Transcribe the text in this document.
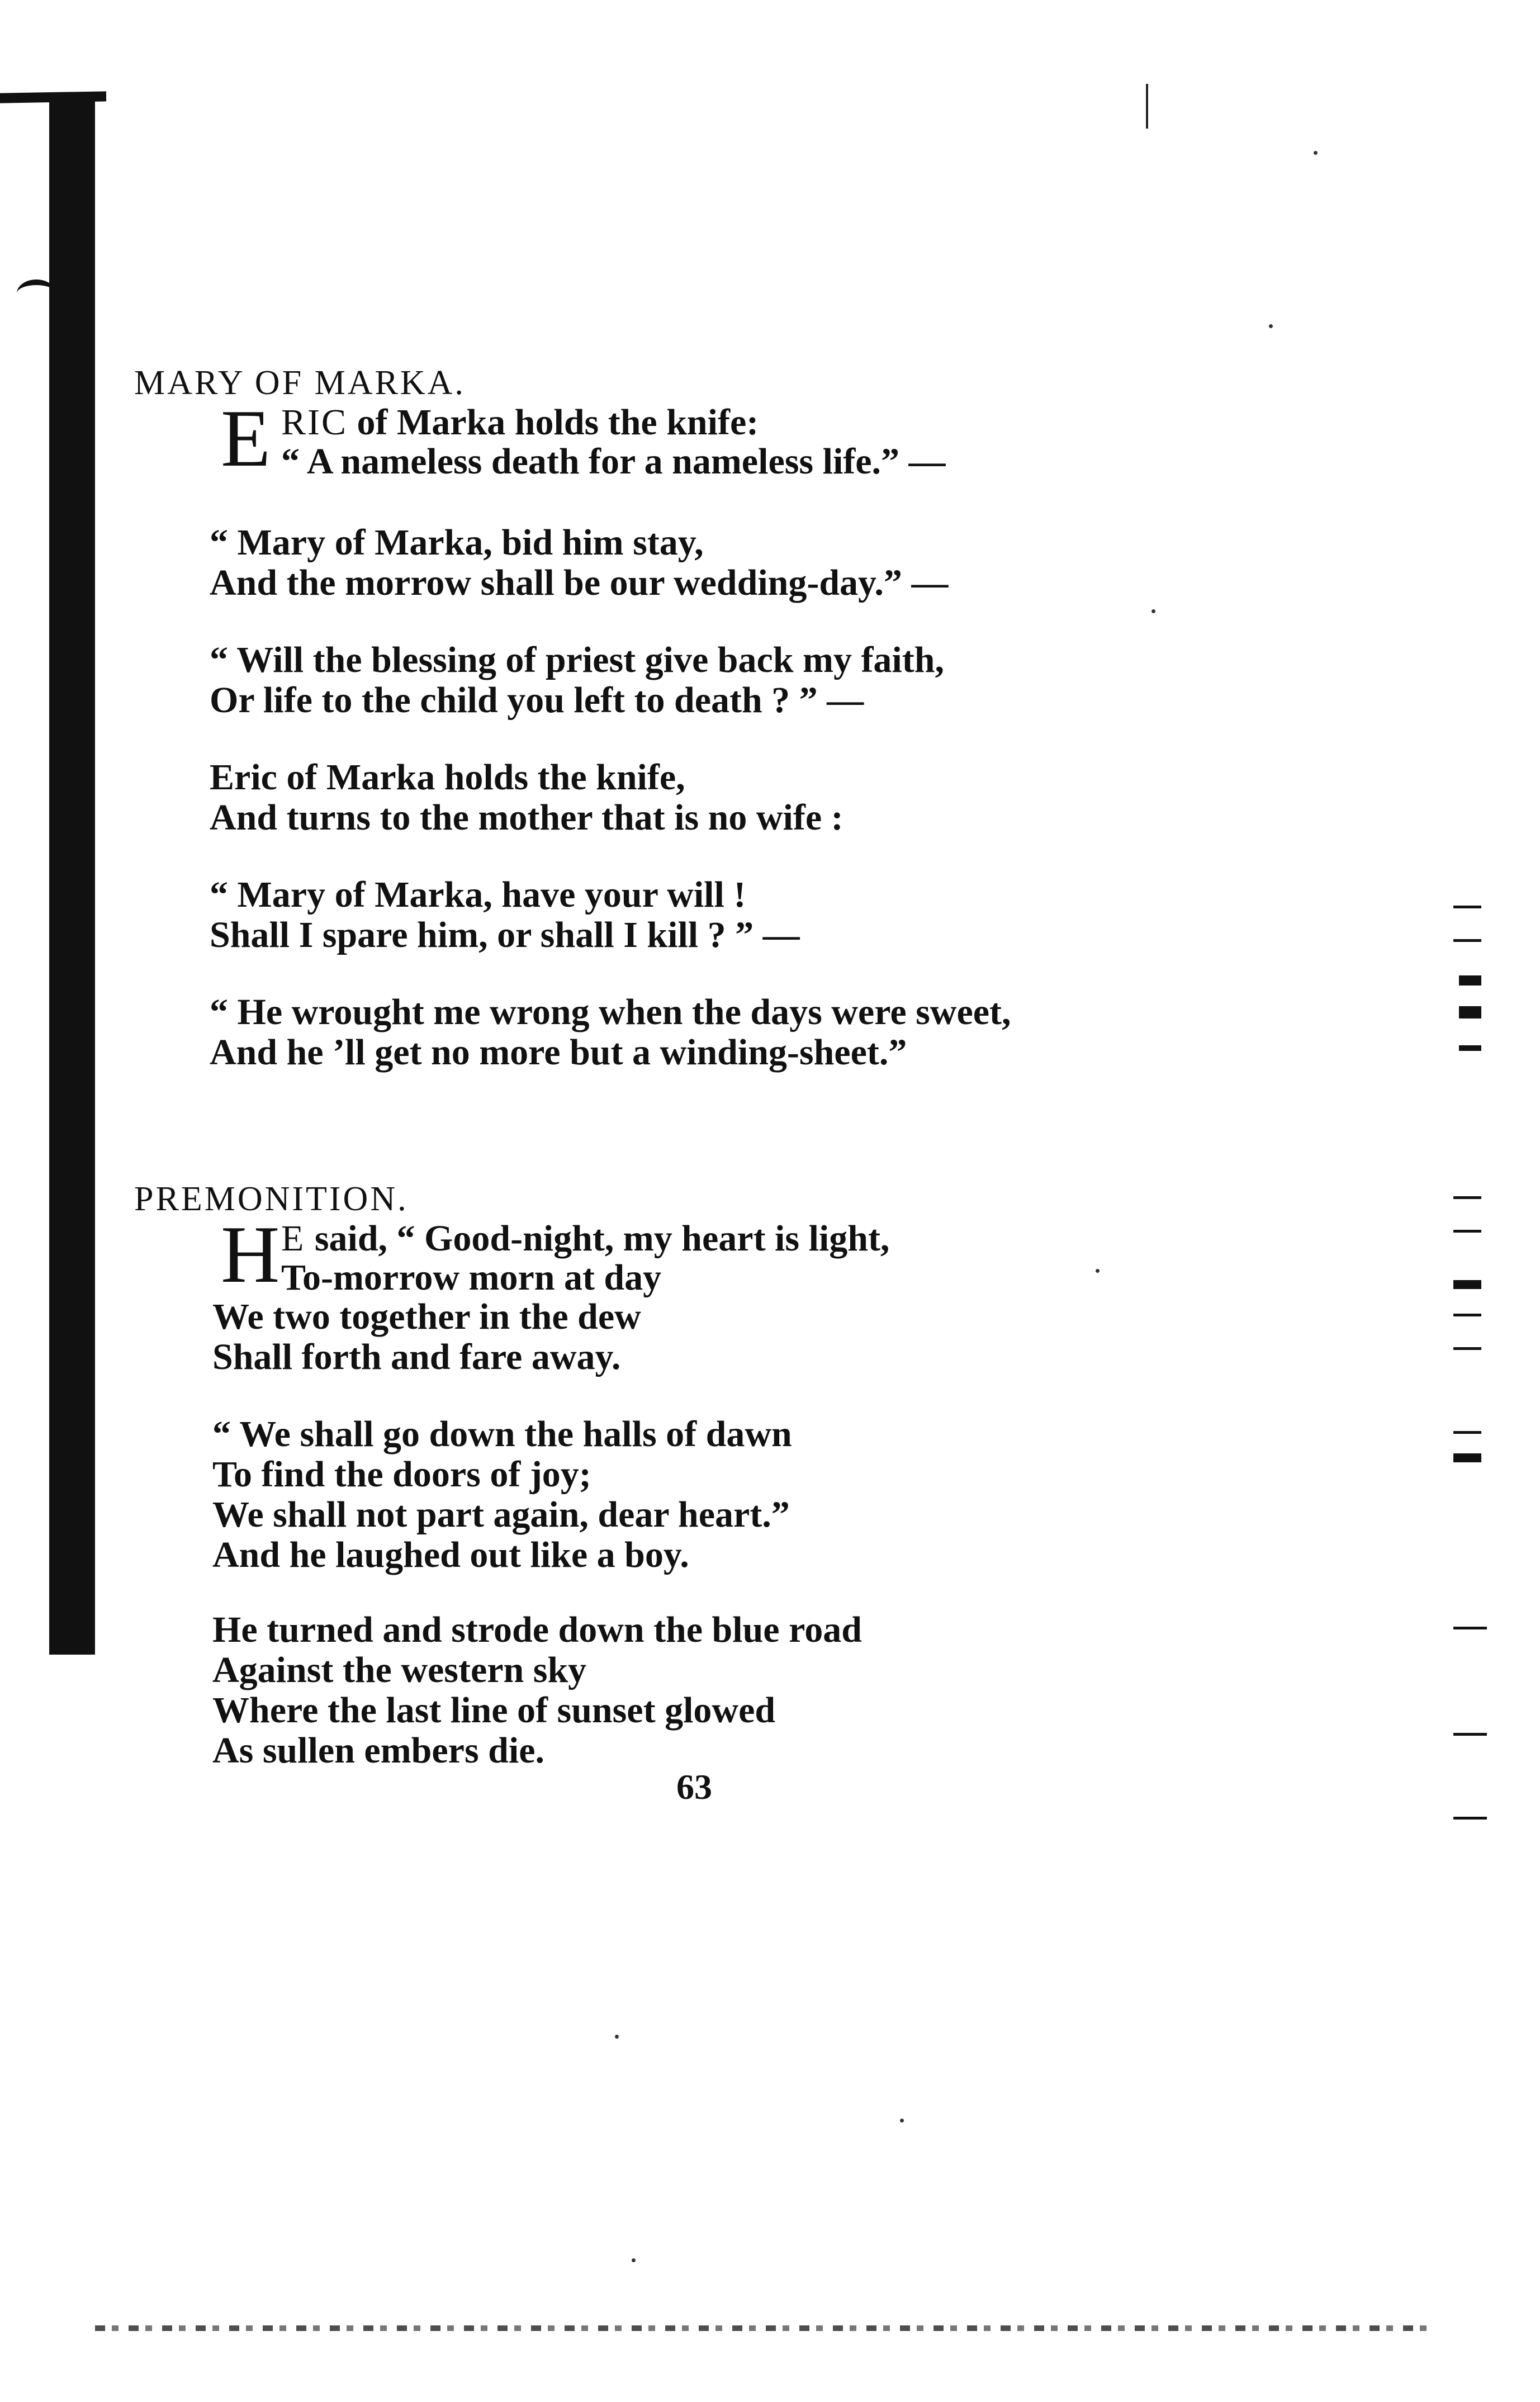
MARY OF MARKA.
E RIC of Marka holds the knife:
“ A nameless death for a nameless life.” —
“ Mary of Marka, bid him stay,
And the morrow shall be our wedding-day.” —
“ Will the blessing of priest give back my faith,
Or life to the child you left to death ? ” —
Eric of Marka holds the knife,
And turns to the mother that is no wife :
“ Mary of Marka, have your will !
Shall I spare him, or shall I kill ? ” —
“ He wrought me wrong when the days were sweet,
And he ’ll get no more but a winding-sheet.”
PREMONITION.
H E said, “ Good-night, my heart is light,
To-morrow morn at day
We two together in the dew
Shall forth and fare away.
“ We shall go down the halls of dawn
To find the doors of joy;
We shall not part again, dear heart.”
And he laughed out like a boy.
He turned and strode down the blue road
Against the western sky
Where the last line of sunset glowed
As sullen embers die.

63
